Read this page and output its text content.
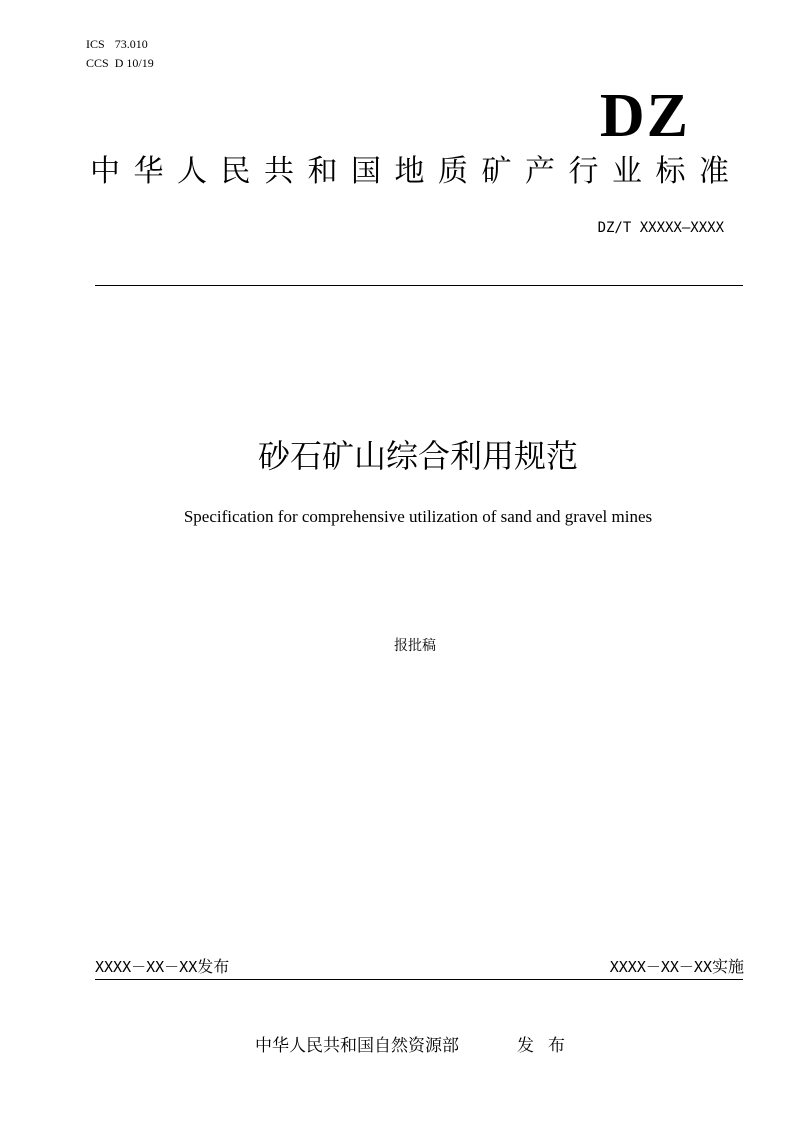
ICS 73.010
CCS D 10/19
DZ
中华人民共和国地质矿产行业标准
DZ/T XXXXX—XXXX
砂石矿山综合利用规范
Specification for comprehensive utilization of sand and gravel mines
报批稿
XXXX－XX－XX发布	XXXX－XX－XX实施
中华人民共和国自然资源部	发布
